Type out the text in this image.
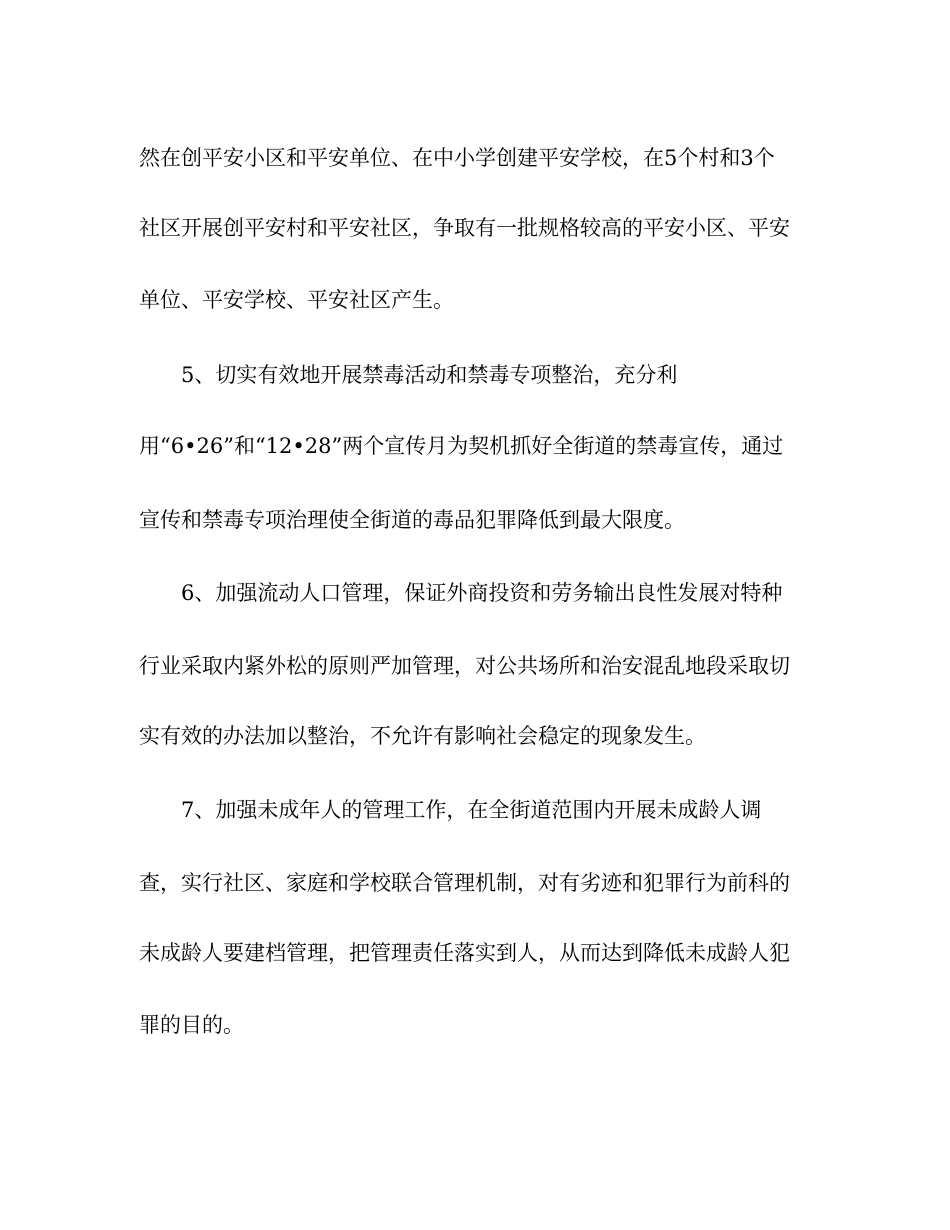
然在创平安小区和平安单位、在中小学创建平安学校，在5个村和3个
社区开展创平安村和平安社区，争取有一批规格较高的平安小区、平安
单位、平安学校、平安社区产生。
5、切实有效地开展禁毒活动和禁毒专项整治，充分利
用“6•26”和“12•28”两个宣传月为契机抓好全街道的禁毒宣传，通过
宣传和禁毒专项治理使全街道的毒品犯罪降低到最大限度。
6、加强流动人口管理，保证外商投资和劳务输出良性发展对特种
行业采取内紧外松的原则严加管理，对公共场所和治安混乱地段采取切
实有效的办法加以整治，不允许有影响社会稳定的现象发生。
7、加强未成年人的管理工作，在全街道范围内开展未成龄人调
查，实行社区、家庭和学校联合管理机制，对有劣迹和犯罪行为前科的
未成龄人要建档管理，把管理责任落实到人，从而达到降低未成龄人犯
罪的目的。
